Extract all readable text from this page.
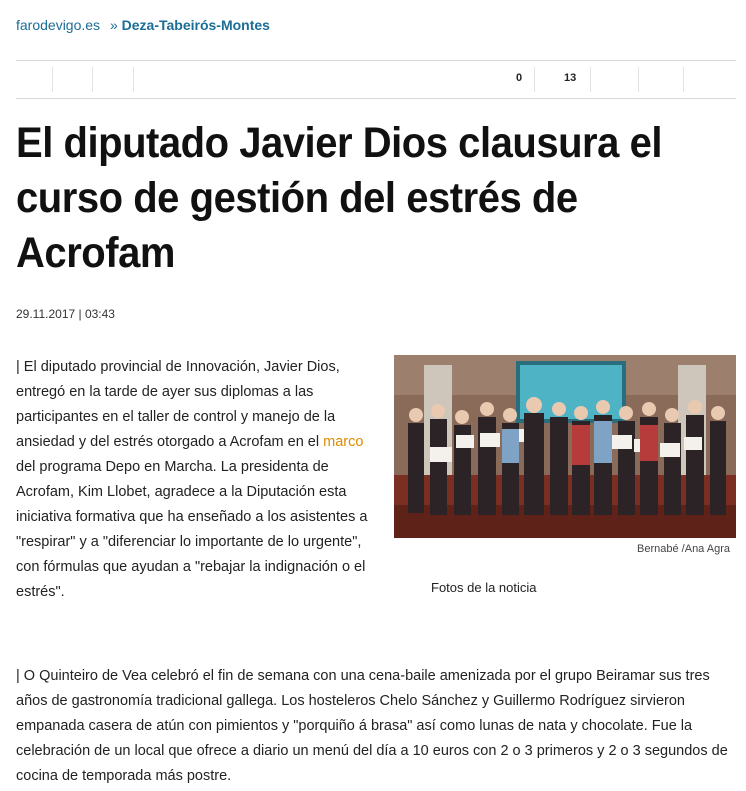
farodevigo.es » Deza-Tabeirós-Montes
0	13
El diputado Javier Dios clausura el curso de gestión del estrés de Acrofam
29.11.2017 | 03:43

| El diputado provincial de Innovación, Javier Dios, entregó en la tarde de ayer sus diplomas a las participantes en el taller de control y manejo de la ansiedad y del estrés otorgado a Acrofam en el marco del programa Depo en Marcha. La presidenta de Acrofam, Kim Llobet, agradece a la Diputación esta iniciativa formativa que ha enseñado a los asistentes a "respirar" y a "diferenciar lo importante de lo urgente", con fórmulas que ayudan a "rebajar la indignación o el estrés".

Bernabé /Ana Agra
Fotos de la noticia

| O Quinteiro de Vea celebró el fin de semana con una cena-baile amenizada por el grupo Beiramar sus tres años de gastronomía tradicional gallega. Los hosteleros Chelo Sánchez y Guillermo Rodríguez sirvieron empanada casera de atún con pimientos y "porquiño á brasa" así como lunas de nata y chocolate. Fue la celebración de un local que ofrece a diario un menú del día a 10 euros con 2 o 3 primeros y 2 o 3 segundos de cocina de temporada más postre.
